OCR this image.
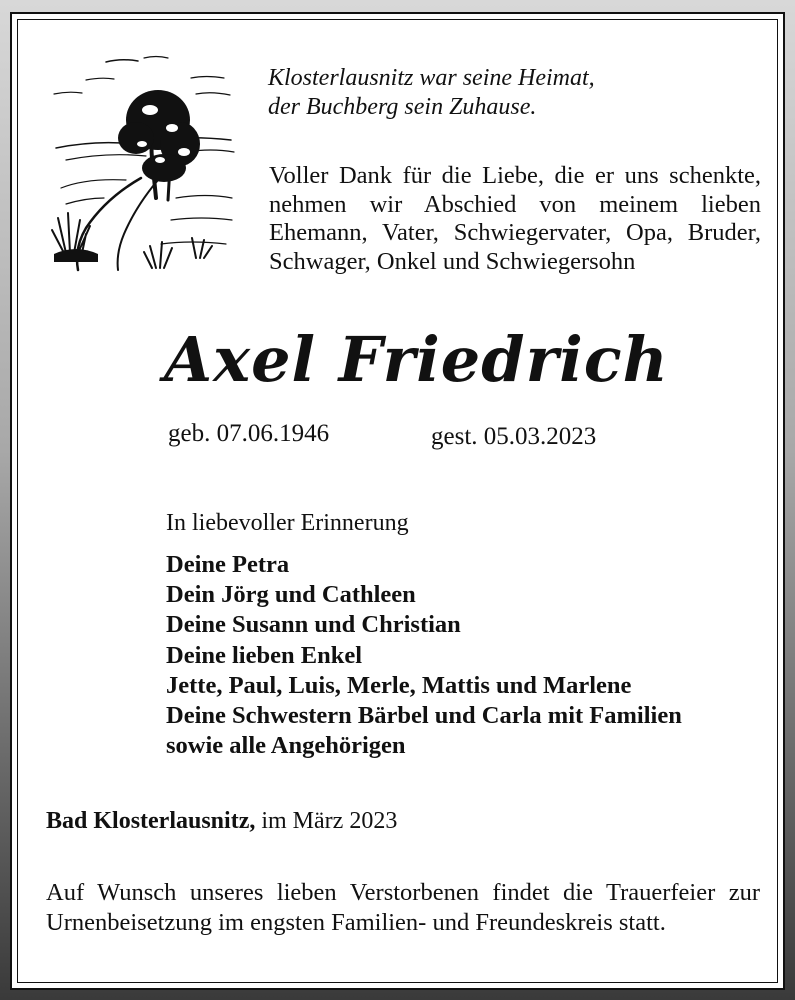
Klosterlausnitz war seine Heimat,
der Buchberg sein Zuhause.
Voller Dank für die Liebe, die er uns schenkte, nehmen wir Abschied von meinem lieben Ehemann, Vater, Schwiegervater, Opa, Bruder, Schwager, Onkel und Schwiegersohn
Axel Friedrich
geb. 07.06.1946	gest. 05.03.2023
In liebevoller Erinnerung
Deine Petra
Dein Jörg und Cathleen
Deine Susann und Christian
Deine lieben Enkel
Jette, Paul, Luis, Merle, Mattis und Marlene
Deine Schwestern Bärbel und Carla mit Familien
sowie alle Angehörigen
Bad Klosterlausnitz, im März 2023
Auf Wunsch unseres lieben Verstorbenen findet die Trauerfeier zur Urnenbeisetzung im engsten Familien- und Freundeskreis statt.
